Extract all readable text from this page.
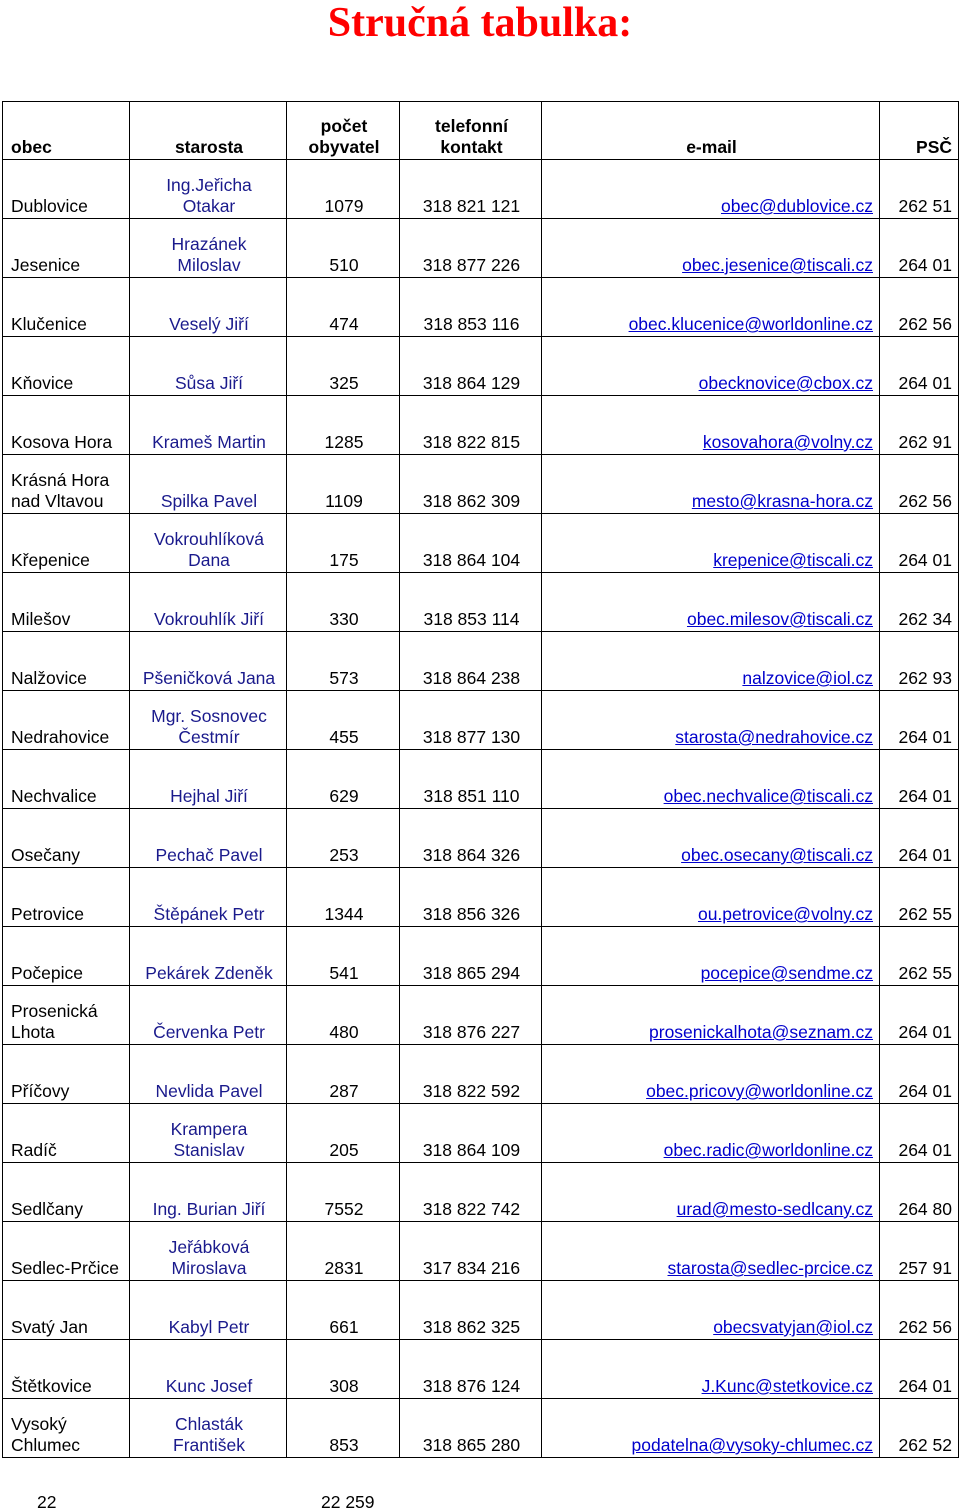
Stručná tabulka:
obec	starosta	počet obyvatel	telefonní kontakt	e-mail	PSČ
Dublovice	Ing.Jeřicha Otakar	1079	318 821 121	obec@dublovice.cz	262 51
Jesenice	Hrazánek Miloslav	510	318 877 226	obec.jesenice@tiscali.cz	264 01
Klučenice	Veselý Jiří	474	318 853 116	obec.klucenice@worldonline.cz	262 56
Kňovice	Sůsa Jiří	325	318 864 129	obecknovice@cbox.cz	264 01
Kosova Hora	Krameš Martin	1285	318 822 815	kosovahora@volny.cz	262 91
Krásná Hora nad Vltavou	Spilka Pavel	1109	318 862 309	mesto@krasna-hora.cz	262 56
Křepenice	Vokrouhlíková Dana	175	318 864 104	krepenice@tiscali.cz	264 01
Milešov	Vokrouhlík Jiří	330	318 853 114	obec.milesov@tiscali.cz	262 34
Nalžovice	Pšeničková Jana	573	318 864 238	nalzovice@iol.cz	262 93
Nedrahovice	Mgr. Sosnovec Čestmír	455	318 877 130	starosta@nedrahovice.cz	264 01
Nechvalice	Hejhal Jiří	629	318 851 110	obec.nechvalice@tiscali.cz	264 01
Osečany	Pechač Pavel	253	318 864 326	obec.osecany@tiscali.cz	264 01
Petrovice	Štěpánek Petr	1344	318 856 326	ou.petrovice@volny.cz	262 55
Počepice	Pekárek Zdeněk	541	318 865 294	pocepice@sendme.cz	262 55
Prosenická Lhota	Červenka Petr	480	318 876 227	prosenickalhota@seznam.cz	264 01
Příčovy	Nevlida Pavel	287	318 822 592	obec.pricovy@worldonline.cz	264 01
Radíč	Krampera Stanislav	205	318 864 109	obec.radic@worldonline.cz	264 01
Sedlčany	Ing. Burian Jiří	7552	318 822 742	urad@mesto-sedlcany.cz	264 80
Sedlec-Prčice	Jeřábková Miroslava	2831	317 834 216	starosta@sedlec-prcice.cz	257 91
Svatý Jan	Kabyl Petr	661	318 862 325	obecsvatyjan@iol.cz	262 56
Štětkovice	Kunc Josef	308	318 876 124	J.Kunc@stetkovice.cz	264 01
Vysoký Chlumec	Chlasták František	853	318 865 280	podatelna@vysoky-chlumec.cz	262 52
22	22 259
